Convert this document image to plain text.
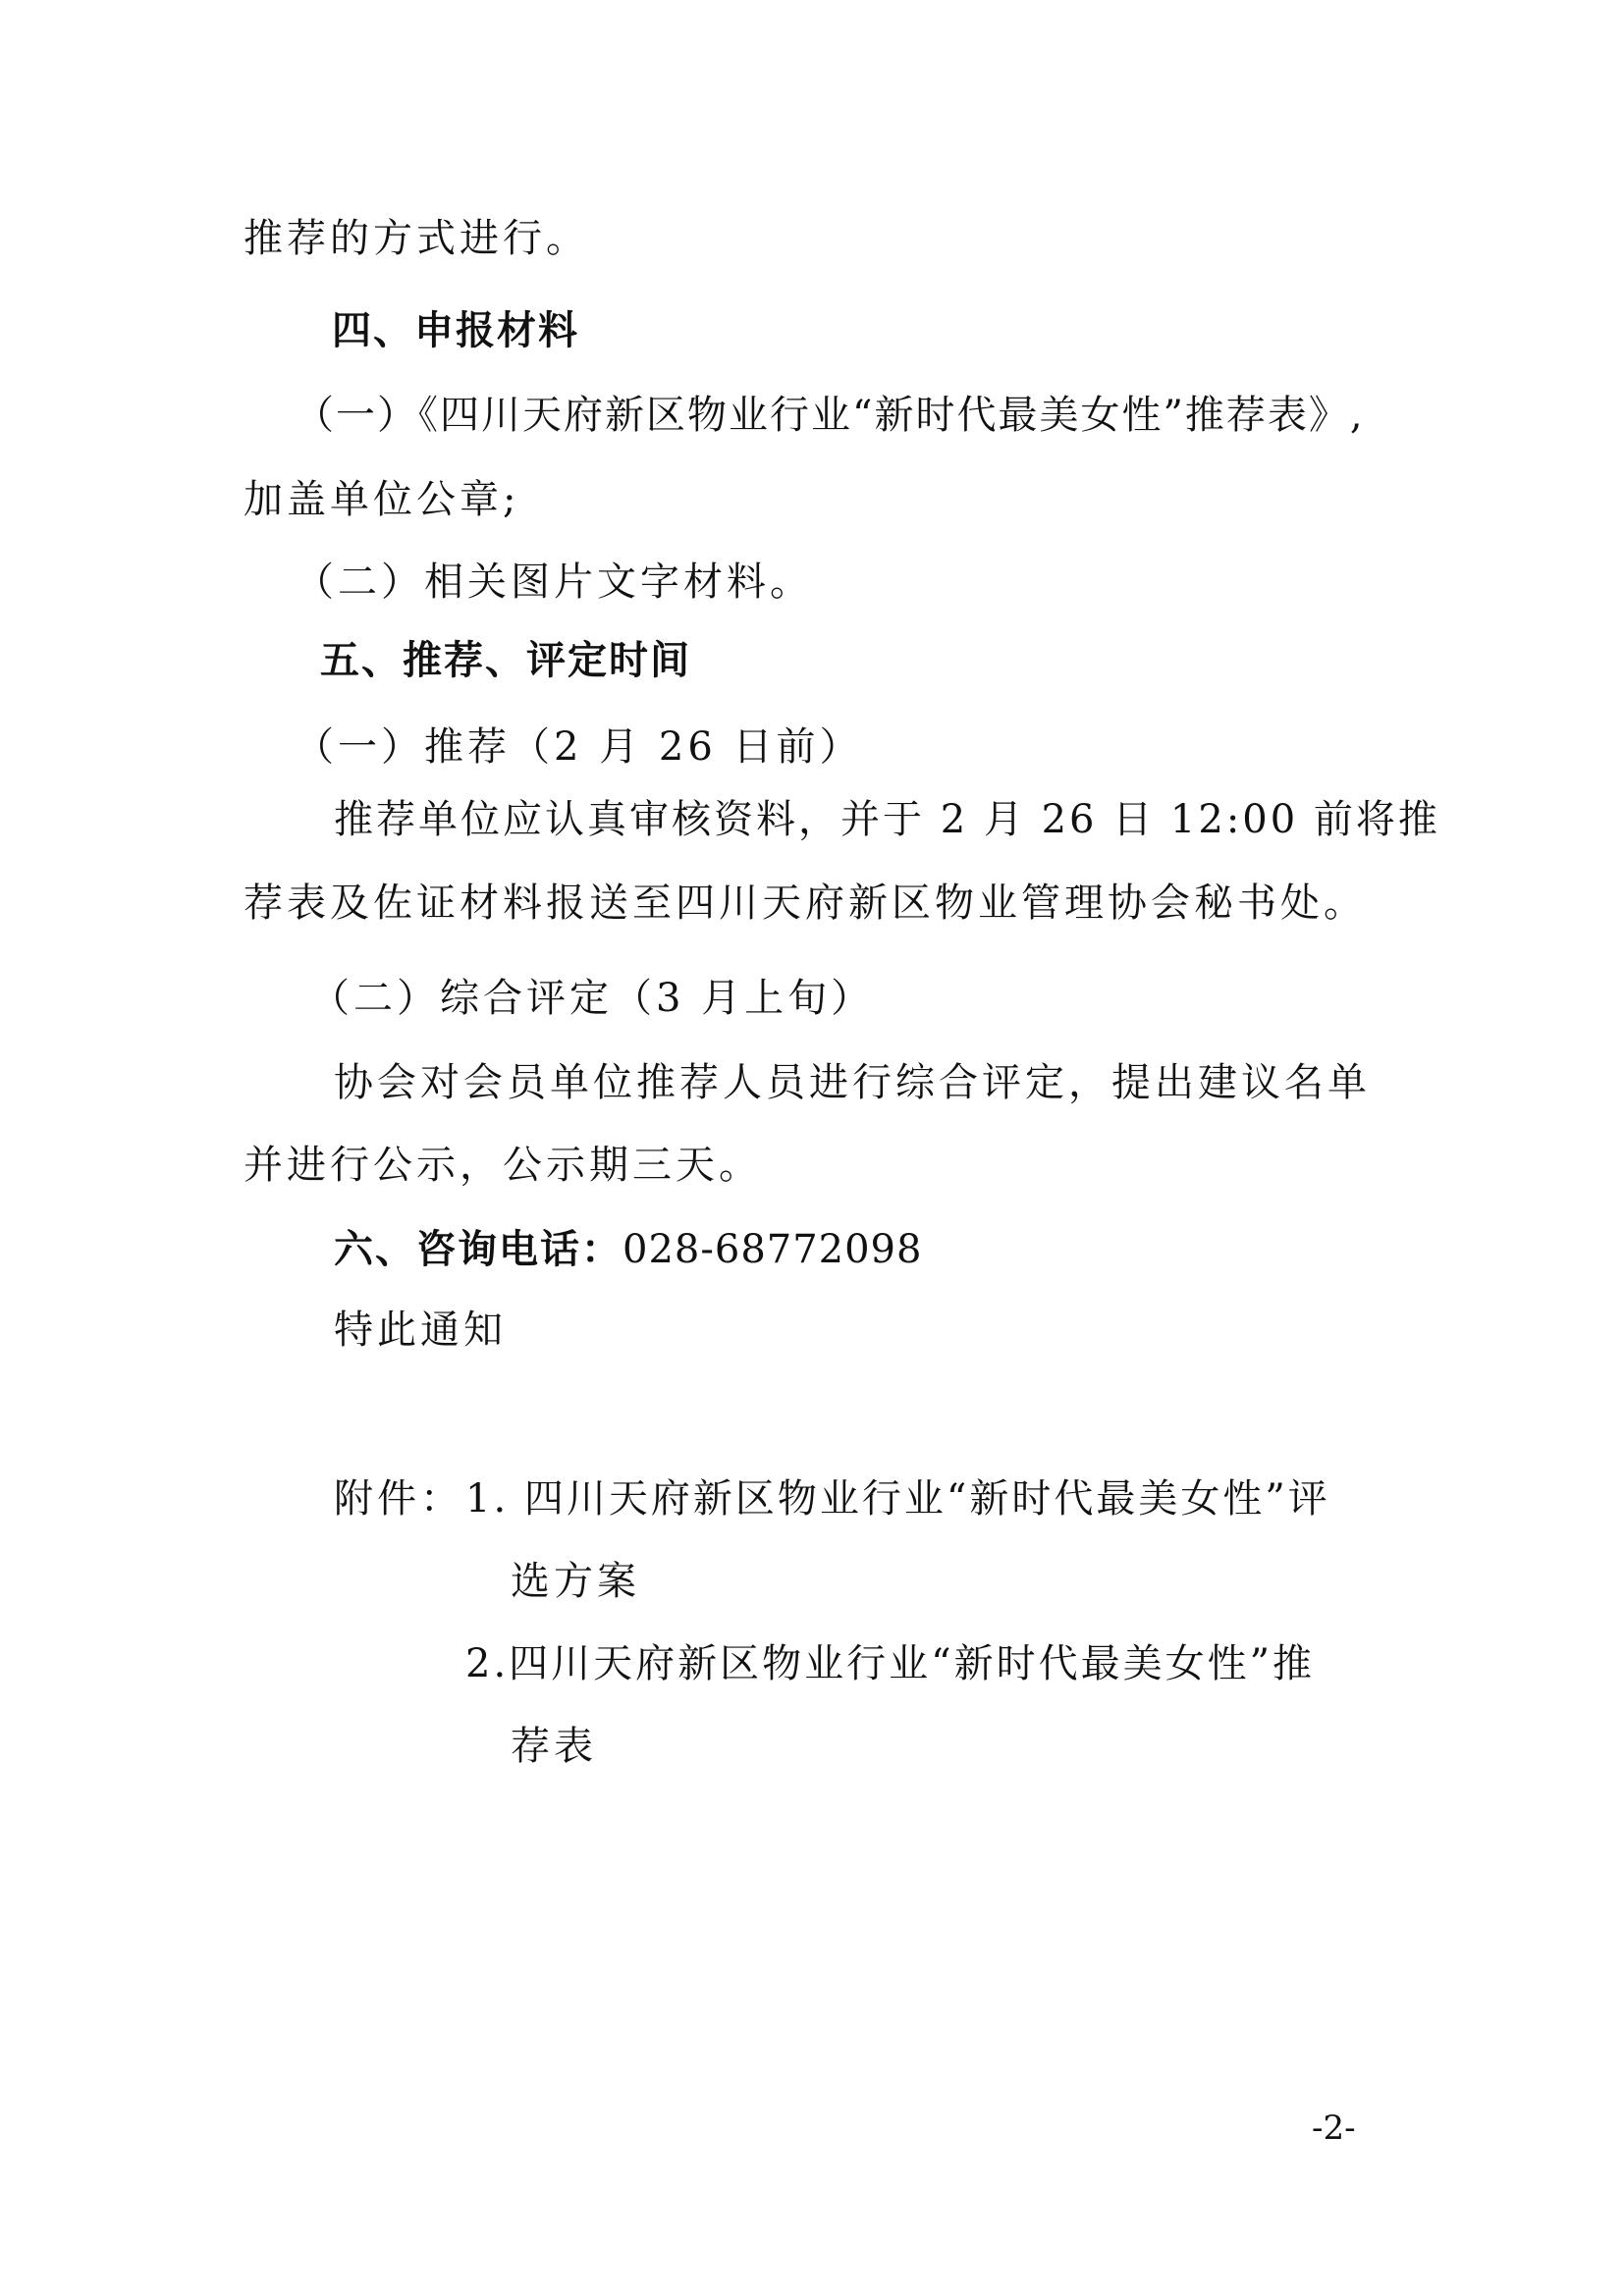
推荐的方式进行。
四、申报材料
（一）《四川天府新区物业行业“新时代最美女性”推荐表》,
加盖单位公章;
（二）相关图片文字材料。
五、推荐、评定时间
（一）推荐（2 月 26 日前）
推荐单位应认真审核资料，并于 2 月 26 日 12:00 前将推
荐表及佐证材料报送至四川天府新区物业管理协会秘书处。
（二）综合评定（3 月上旬）
协会对会员单位推荐人员进行综合评定，提出建议名单
并进行公示，公示期三天。
六、咨询电话：028-68772098
特此通知
附件： 1. 四川天府新区物业行业“新时代最美女性”评
选方案
2.四川天府新区物业行业“新时代最美女性”推
荐表
-2-
